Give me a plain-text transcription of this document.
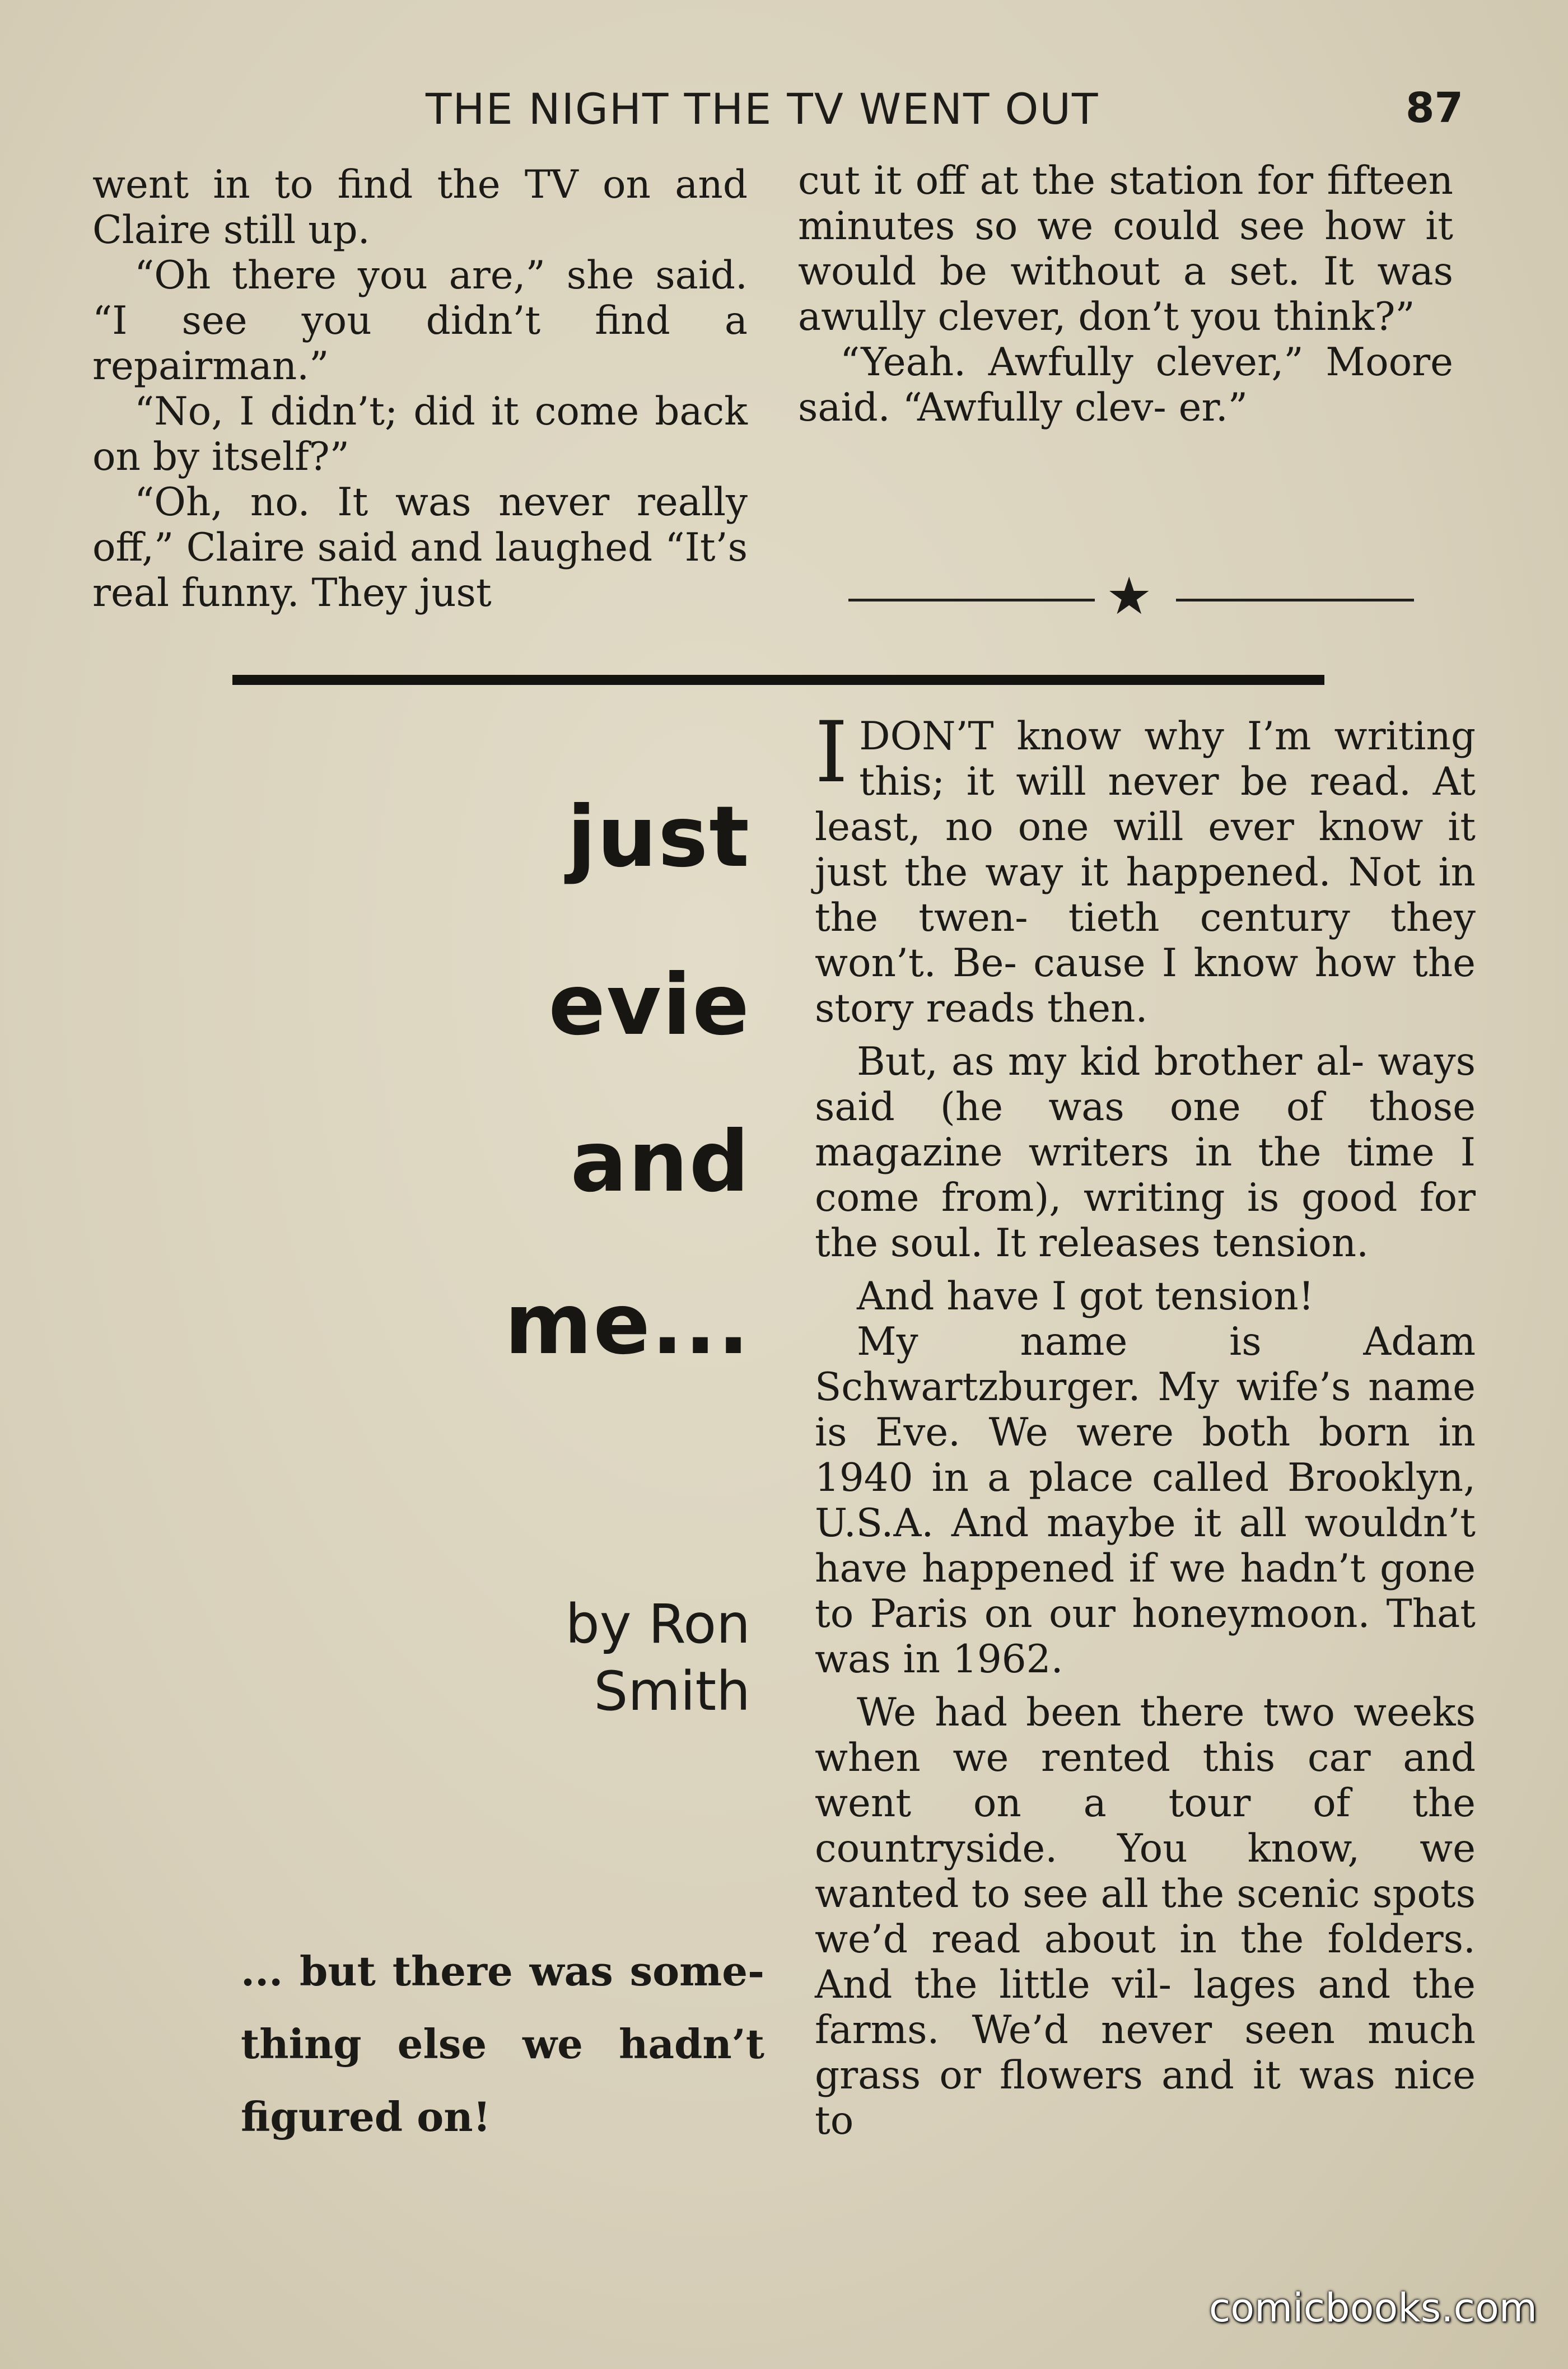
THE NIGHT THE TV WENT OUT	87

went in to find the TV on and Claire still up.

“Oh there you are,” she said. “I see you didn’t find a repairman.”

“No, I didn’t; did it come back on by itself?”

“Oh, no. It was never really off,” Claire said and laughed “It’s real funny. They just

cut it off at the station for fifteen minutes so we could see how it would be without a set. It was awully clever, don’t you think?”

“Yeah. Awfully clever,” Moore said. “Awfully clev- er.”

★
just
evie
and
me...
by Ron
Smith
... but there was some- thing else we hadn’t figured on!

IDON’T know why I’m writing this; it will never be read. At least, no one will ever know it just the way it happened. Not in the twen- tieth century they won’t. Be- cause I know how the story reads then.

But, as my kid brother al- ways said (he was one of those magazine writers in the time I come from), writing is good for the soul. It releases tension.

And have I got tension!

My name is Adam Schwartzburger. My wife’s name is Eve. We were both born in 1940 in a place called Brooklyn, U.S.A. And maybe it all wouldn’t have happened if we hadn’t gone to Paris on our honeymoon. That was in 1962.

We had been there two weeks when we rented this car and went on a tour of the countryside. You know, we wanted to see all the scenic spots we’d read about in the folders. And the little vil- lages and the farms. We’d never seen much grass or flowers and it was nice to

comicbooks.com
